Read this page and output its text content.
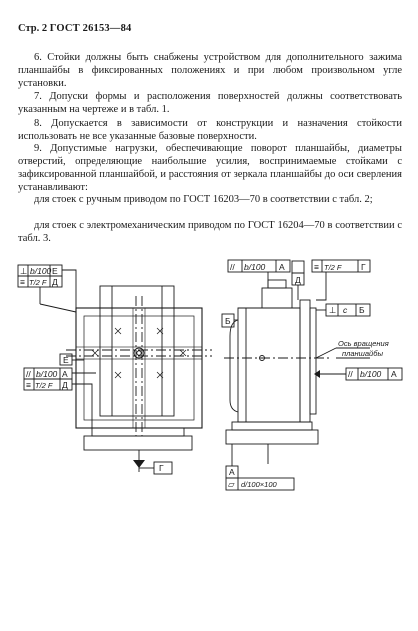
Стр. 2 ГОСТ 26153—84
6. Стойки должны быть снабжены устройством для дополнительного зажима планшайбы в фиксированных положениях и при любом произвольном угле установки.
7. Допуски формы и расположения поверхностей должны соответствовать указанным на чертеже и в табл. 1.
8. Допускается в зависимости от конструкции и назначения стойкости использовать не все указанные базовые поверхности.
9. Допустимые нагрузки, обеспечивающие поворот планшайбы, диаметры отверстий, определяющие наибольшие усилия, воспринимаемые стойками с зафиксированной планшайбой, и расстояния от зеркала планшайбы до оси сверления устанавливают:
для стоек с ручным приводом по ГОСТ 16203—70 в соответствии с табл. 2;
для стоек с электромеханическим приводом по ГОСТ 16204—70 в соответствии с табл. 3.
⊥ b/100 E
≡ T/2 F Д
E
// b/100 А
≡ T/2 F Д
Г
// b/100 А
Д
≡ T/2 F Г
Б
⊥ с Б
Ось вращения
планшайбы
// b/100 А
А
▱ d/100×100
